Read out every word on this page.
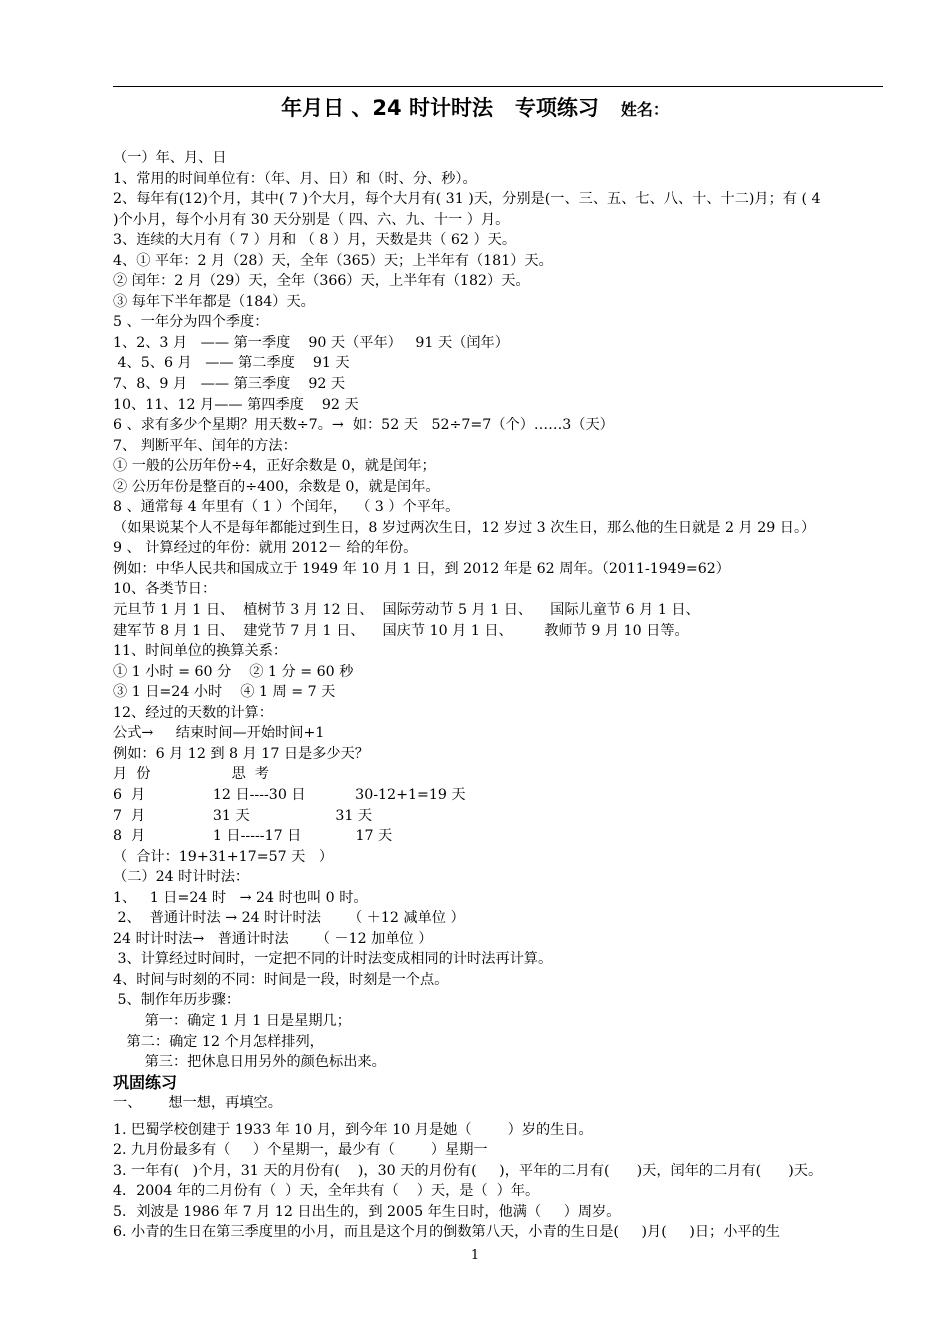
年月日 、24 时计时法   专项练习 姓名：
（一）年、月、日
1、常用的时间单位有：（年、月、日）和（时、分、秒）。
2、每年有(12)个月，其中( 7 )个大月，每个大月有( 31 )天，分别是(一、三、五、七、八、十、十二)月；有 ( 4
)个小月，每个小月有 30 天分别是（ 四、六、九、十一 ）月。
3、连续的大月有（ 7 ）月和 （ 8 ）月，天数是共（ 62 ）天。
4、① 平年：2 月（28）天，全年（365）天；上半年有（181）天。
② 闰年：2 月（29）天，全年（366）天，上半年有（182）天。
③ 每年下半年都是（184）天。
5 、一年分为四个季度：
1、2、3 月   —— 第一季度    90 天（平年）   91 天（闰年）
4、5、6 月   —— 第二季度    91 天
7、8、9 月   —— 第三季度    92 天
10、11、12 月—— 第四季度    92 天
6 、求有多少个星期？用天数÷7。→  如：52 天   52÷7=7（个）……3（天）
7、 判断平年、闰年的方法：
① 一般的公历年份÷4，正好余数是 0，就是闰年；
② 公历年份是整百的÷400，余数是 0，就是闰年。
8 、通常每 4 年里有（ 1 ）个闰年，  （ 3 ）个平年。
（如果说某个人不是每年都能过到生日，8 岁过两次生日，12 岁过 3 次生日，那么他的生日就是 2 月 29 日。）
9 、 计算经过的年份：就用 2012－ 给的年份。
例如：中华人民共和国成立于 1949 年 10 月 1 日，到 2012 年是 62 周年。（2011-1949=62）
10、各类节日：
元旦节 1 月 1 日、  植树节 3 月 12 日、  国际劳动节 5 月 1 日、    国际儿童节 6 月 1 日、
建军节 8 月 1 日、  建党节 7 月 1 日、    国庆节 10 月 1 日、       教师节 9 月 10 日等。
11、时间单位的换算关系：
① 1 小时 = 60 分    ② 1 分 = 60 秒
③ 1 日=24 小时    ④ 1 周 = 7 天
12、经过的天数的计算：
公式→     结束时间—开始时间+1
例如：6 月 12 到 8 月 17 日是多少天？
月  份                  思  考
6  月               12 日----30 日           30-12+1=19 天
7  月               31 天                   31 天
8  月               1 日-----17 日            17 天
（  合计：19+31+17=57 天   ）
（二）24 时计时法：
1、   1 日=24 时   → 24 时也叫 0 时。
2、  普通计时法 → 24 时计时法      （ ＋12 减单位 ）
24 时计时法→   普通计时法      （ －12 加单位 ）
3、计算经过时间时，一定把不同的计时法变成相同的计时法再计算。
4、时间与时刻的不同：时间是一段，时刻是一个点。
5、制作年历步骤：
第一：确定 1 月 1 日是星期几；
第二：确定 12 个月怎样排列，
第三：把休息日用另外的颜色标出来。
巩固练习
一、      想一想，再填空。
1. 巴蜀学校创建于 1933 年 10 月，到今年 10 月是她（        ）岁的生日。
2. 九月份最多有（     ）个星期一，最少有（        ）星期一
3. 一年有(   )个月，31 天的月份有(    )，30 天的月份有(     )，平年的二月有(      )天，闰年的二月有(      )天。
4．2004 年的二月份有（  ）天，全年共有（    ）天，是（  ）年。
5．刘波是 1986 年 7 月 12 日出生的，到 2005 年生日时，他满（     ）周岁。
6. 小青的生日在第三季度里的小月，而且是这个月的倒数第八天，小青的生日是(     )月(     )日；小平的生
1
